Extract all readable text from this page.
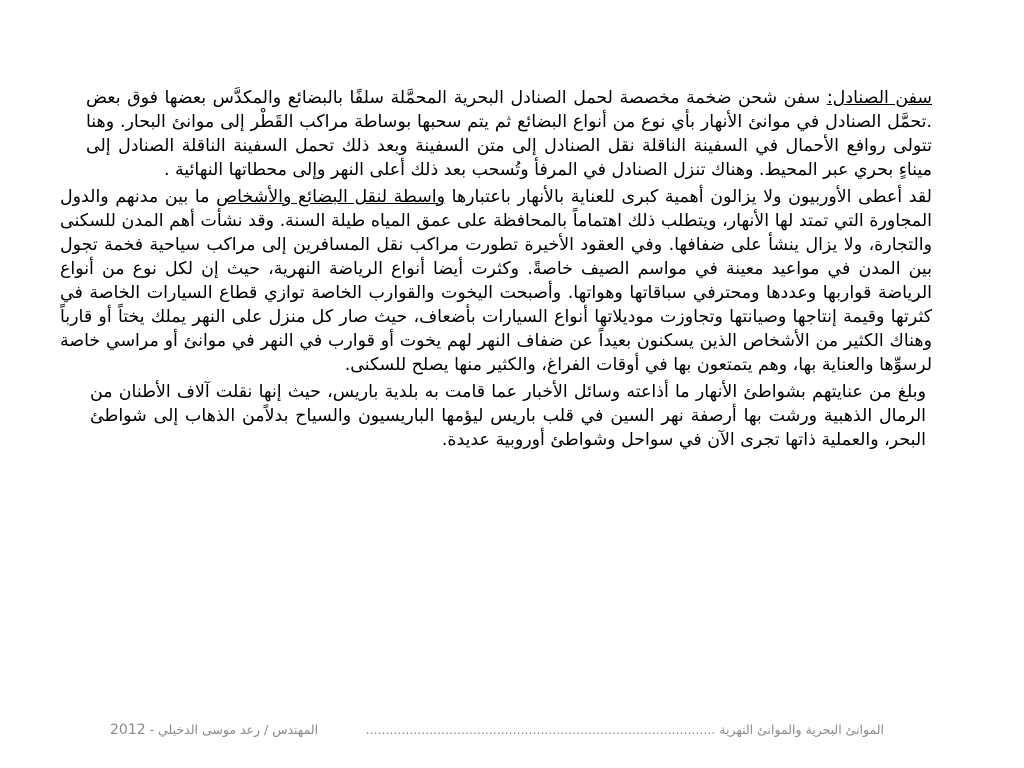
سفن الصنادل: سفن شحن ضخمة مخصصة لحمل الصنادل البحرية المحمَّلة سلفًا بالبضائع والمكدَّس بعضها فوق بعض .تحمَّل الصنادل في موانئ الأنهار بأي نوع من أنواع البضائع ثم يتم سحبها بوساطة مراكب القَطْر إلى موانئ البحار. وهنا تتولى روافع الأحمال في السفينة الناقلة نقل الصنادل إلى متن السفينة وبعد ذلك تحمل السفينة الناقلة الصنادل إلى ميناءٍ بحري عبر المحيط. وهناك تنزل الصنادل في المرفأ وتُسحب بعد ذلك أعلى النهر وإلى محطاتها النهائية .

لقد أعطى الأوربيون ولا يزالون أهمية كبرى للعناية بالأنهار باعتبارها واسطة لنقل البضائع والأشخاص ما بين مدنهم والدول المجاورة التي تمتد لها الأنهار، ويتطلب ذلك اهتماماً بالمحافظة على عمق المياه طيلة السنة. وقد نشأت أهم المدن للسكنى والتجارة، ولا يزال ينشأ على ضفافها. وفي العقود الأخيرة تطورت مراكب نقل المسافرين إلى مراكب سياحية فخمة تجول بين المدن في مواعيد معينة في مواسم الصيف خاصةً. وكثرت أيضا أنواع الرياضة النهرية، حيث إن لكل نوع من أنواع الرياضة قواربها وعددها ومحترفي سباقاتها وهواتها. وأصبحت اليخوت والقوارب الخاصة توازي قطاع السيارات الخاصة في كثرتها وقيمة إنتاجها وصيانتها وتجاوزت موديلاتها أنواع السيارات بأضعاف، حيث صار كل منزل على النهر يملك يختاً أو قارباً وهناك الكثير من الأشخاص الذين يسكنون بعيداً عن ضفاف النهر لهم يخوت أو قوارب في النهر في موانئ أو مراسي خاصة لرسوِّها والعناية بها، وهم يتمتعون بها في أوقات الفراغ، والكثير منها يصلح للسكنى.

وبلغ من عنايتهم بشواطئ الأنهار ما أذاعته وسائل الأخبار عما قامت به بلدية باريس، حيث إنها نقلت آلاف الأطنان من الرمال الذهبية ورشت بها أرصفة نهر السين في قلب باريس ليؤمها الباريسيون والسياح بدلاًمن الذهاب إلى شواطئ البحر، والعملية ذاتها تجرى الآن في سواحل وشواطئ أوروبية عديدة.

الموانئ البحرية والموانئ النهرية ........................................................................................
المهندس / رعد موسى الدخيلي - 2012
